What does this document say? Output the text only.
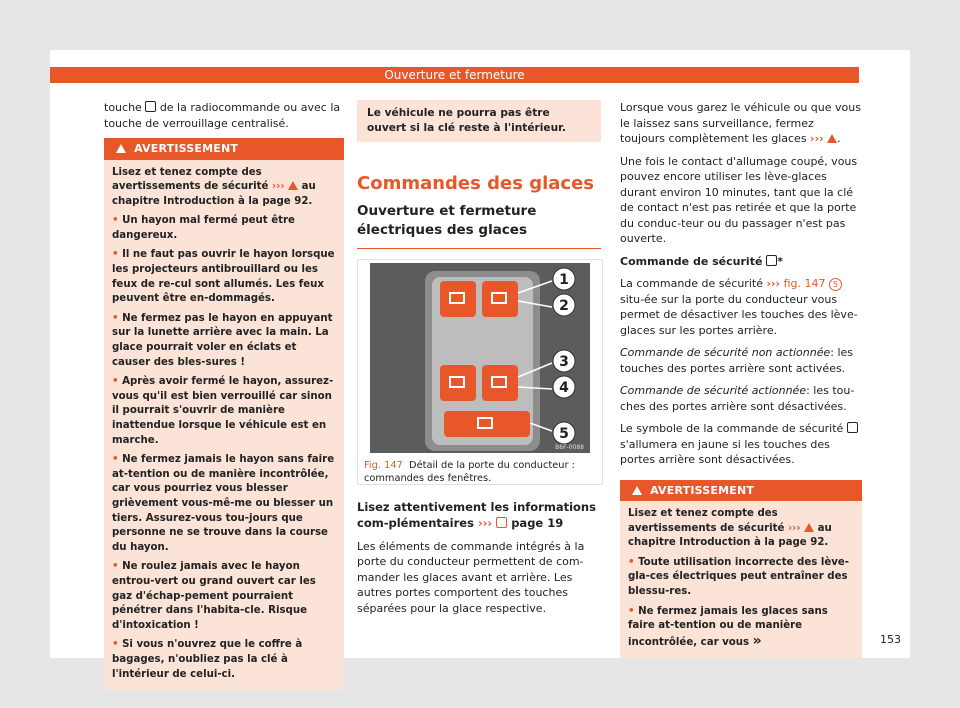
Ouverture et fermeture

touche de la radiocommande ou avec la touche de verrouillage centralisé.

AVERTISSEMENT

Lisez et tenez compte des avertissements de sécurité ››› au chapitre Introduction à la page 92.

• Un hayon mal fermé peut être dangereux.

• Il ne faut pas ouvrir le hayon lorsque les projecteurs antibrouillard ou les feux de re-cul sont allumés. Les feux peuvent être en-dommagés.

• Ne fermez pas le hayon en appuyant sur la lunette arrière avec la main. La glace pourrait voler en éclats et causer des bles-sures !

• Après avoir fermé le hayon, assurez-vous qu'il est bien verrouillé car sinon il pourrait s'ouvrir de manière inattendue lorsque le véhicule est en marche.

• Ne fermez jamais le hayon sans faire at-tention ou de manière incontrôlée, car vous pourriez vous blesser grièvement vous-mê-me ou blesser un tiers. Assurez-vous tou-jours que personne ne se trouve dans la course du hayon.

• Ne roulez jamais avec le hayon entrou-vert ou grand ouvert car les gaz d'échap-pement pourraient pénétrer dans l'habita-cle. Risque d'intoxication !

• Si vous n'ouvrez que le coffre à bagages, n'oubliez pas la clé à l'intérieur de celui-ci.

Le véhicule ne pourra pas être ouvert si la clé reste à l'intérieur.
Commandes des glaces
Ouverture et fermeture électriques des glaces
1
2
3
4
5
B6F-0088
Fig. 147 Détail de la porte du conducteur : commandes des fenêtres.
Lisez attentivement les informations com-plémentaires ››› page 19

Les éléments de commande intégrés à la porte du conducteur permettent de com-mander les glaces avant et arrière. Les autres portes comportent des touches séparées pour la glace respective.

Lorsque vous garez le véhicule ou que vous le laissez sans surveillance, fermez toujours complètement les glaces ››› .

Une fois le contact d'allumage coupé, vous pouvez encore utiliser les lève-glaces durant environ 10 minutes, tant que la clé de contact n'est pas retirée et que la porte du conduc-teur ou du passager n'est pas ouverte.

Commande de sécurité *

La commande de sécurité ››› fig. 147 5 situ-ée sur la porte du conducteur vous permet de désactiver les touches des lève-glaces sur les portes arrière.

Commande de sécurité non actionnée: les touches des portes arrière sont activées.

Commande de sécurité actionnée: les tou-ches des portes arrière sont désactivées.

Le symbole de la commande de sécurité  s'allumera en jaune si les touches des portes arrière sont désactivées.

AVERTISSEMENT

Lisez et tenez compte des avertissements de sécurité ››› au chapitre Introduction à la page 92.

• Toute utilisation incorrecte des lève-gla-ces électriques peut entraîner des blessu-res.

• Ne fermez jamais les glaces sans faire at-tention ou de manière incontrôlée, car vous »	153
